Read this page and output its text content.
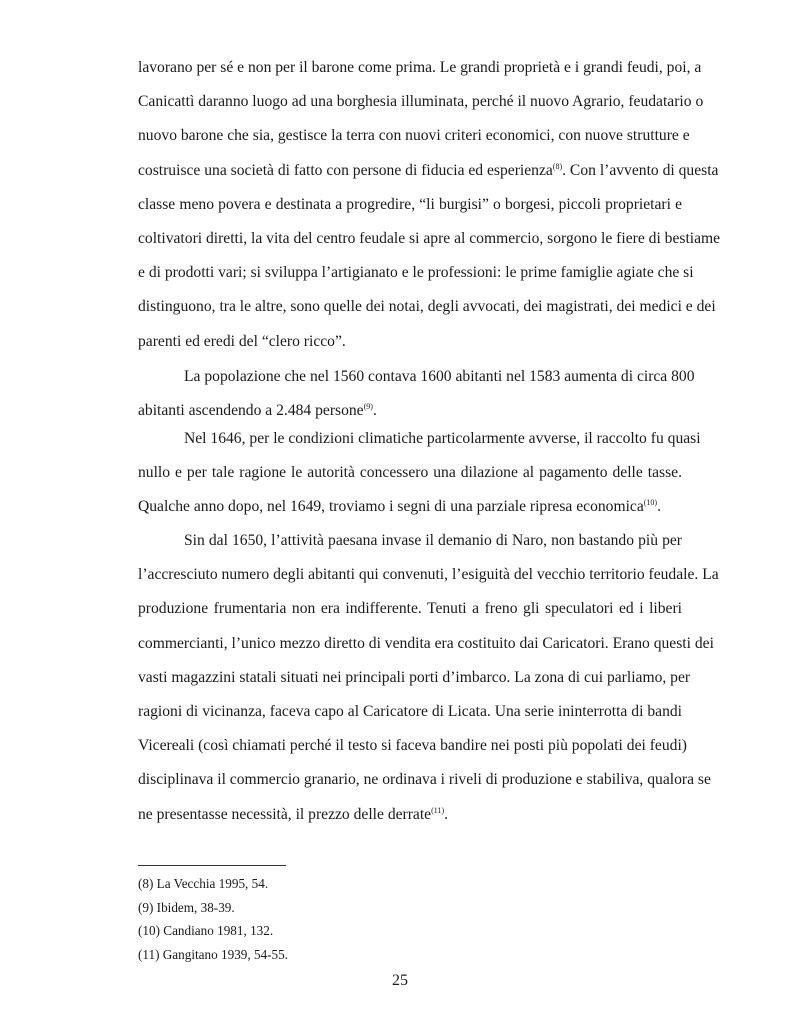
lavorano per sé e non per il barone come prima. Le grandi proprietà e i grandi feudi, poi, a
Canicattì daranno luogo ad una borghesia illuminata, perché il nuovo Agrario, feudatario o
nuovo barone che sia, gestisce la terra con nuovi criteri economici, con nuove strutture e
costruisce una società di fatto con persone di fiducia ed esperienza$^{(8)}$. Con l’avvento di questa
classe meno povera e destinata a progredire, “li burgisi” o borgesi, piccoli proprietari e
coltivatori diretti, la vita del centro feudale si apre al commercio, sorgono le fiere di bestiame
e di prodotti vari; si sviluppa l’artigianato e le professioni: le prime famiglie agiate che si
distinguono, tra le altre, sono quelle dei notai, degli avvocati, dei magistrati, dei medici e dei
parenti ed eredi del “clero ricco”.
La popolazione che nel 1560 contava 1600 abitanti nel 1583 aumenta di circa 800
abitanti ascendendo a 2.484 persone$^{(9)}$.
Nel 1646, per le condizioni climatiche particolarmente avverse, il raccolto fu quasi
nullo e per tale ragione le autorità concessero una dilazione al pagamento delle tasse.
Qualche anno dopo, nel 1649, troviamo i segni di una parziale ripresa economica$^{(10)}$.
Sin dal 1650, l’attività paesana invase il demanio di Naro, non bastando più per
l’accresciuto numero degli abitanti qui convenuti, l’esiguità del vecchio territorio feudale. La
produzione frumentaria non era indifferente. Tenuti a freno gli speculatori ed i liberi
commercianti, l’unico mezzo diretto di vendita era costituito dai Caricatori. Erano questi dei
vasti magazzini statali situati nei principali porti d’imbarco. La zona di cui parliamo, per
ragioni di vicinanza, faceva capo al Caricatore di Licata. Una serie ininterrotta di bandi
Vicereali (così chiamati perché il testo si faceva bandire nei posti più popolati dei feudi)
disciplinava il commercio granario, ne ordinava i riveli di produzione e stabiliva, qualora se
ne presentasse necessità, il prezzo delle derrate$^{(11)}$.
(8) La Vecchia 1995, 54.
(9) Ibidem, 38-39.
(10) Candiano 1981, 132.
(11) Gangitano 1939, 54-55.
25
